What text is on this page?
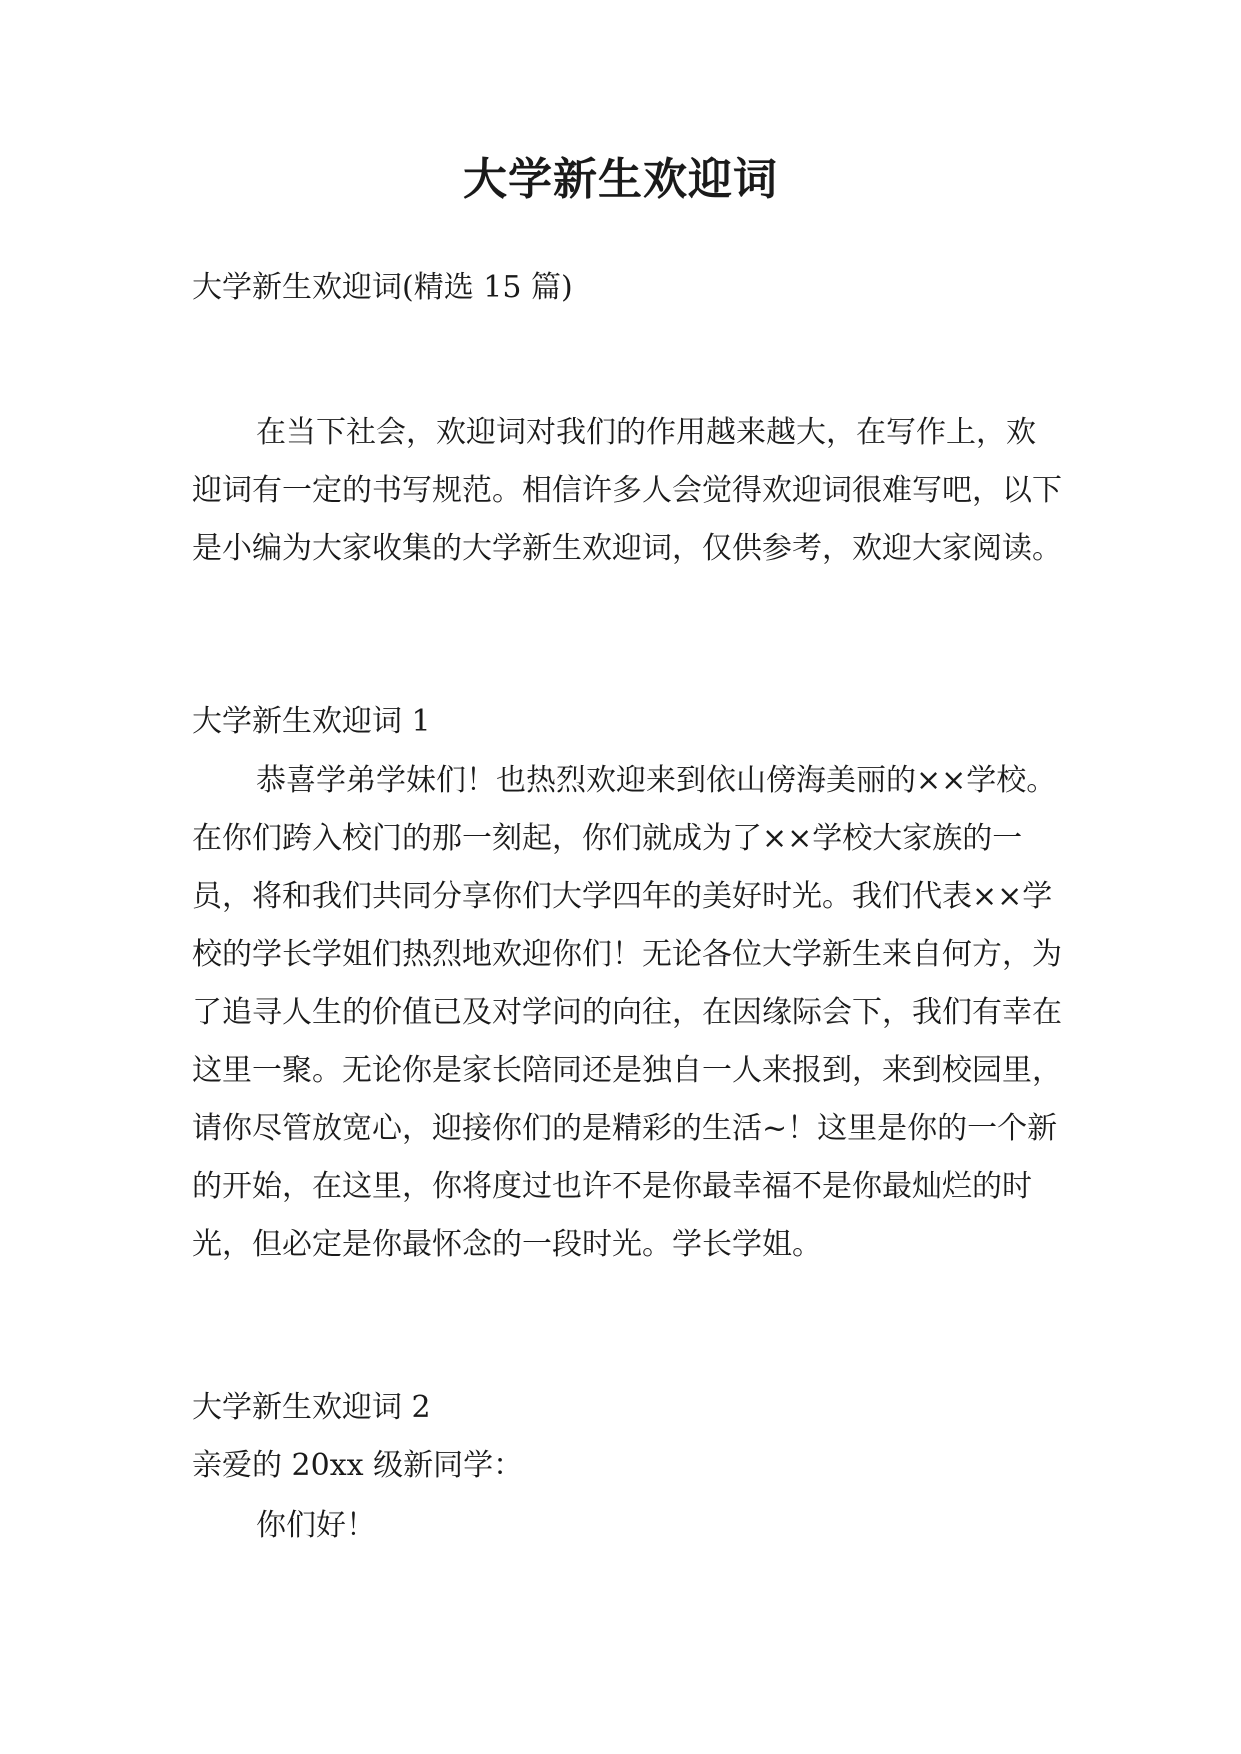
大学新生欢迎词

大学新生欢迎词(精选 15 篇)

在当下社会，欢迎词对我们的作用越来越大，在写作上，欢迎词有一定的书写规范。相信许多人会觉得欢迎词很难写吧，以下是小编为大家收集的大学新生欢迎词，仅供参考，欢迎大家阅读。

大学新生欢迎词 1

恭喜学弟学妹们！也热烈欢迎来到依山傍海美丽的××学校。在你们跨入校门的那一刻起，你们就成为了××学校大家族的一员，将和我们共同分享你们大学四年的美好时光。我们代表××学校的学长学姐们热烈地欢迎你们！无论各位大学新生来自何方，为了追寻人生的价值已及对学问的向往，在因缘际会下，我们有幸在这里一聚。无论你是家长陪同还是独自一人来报到，来到校园里，请你尽管放宽心，迎接你们的是精彩的生活~！这里是你的一个新的开始，在这里，你将度过也许不是你最幸福不是你最灿烂的时光，但必定是你最怀念的一段时光。学长学姐。

大学新生欢迎词 2

亲爱的 20xx 级新同学：

你们好！
